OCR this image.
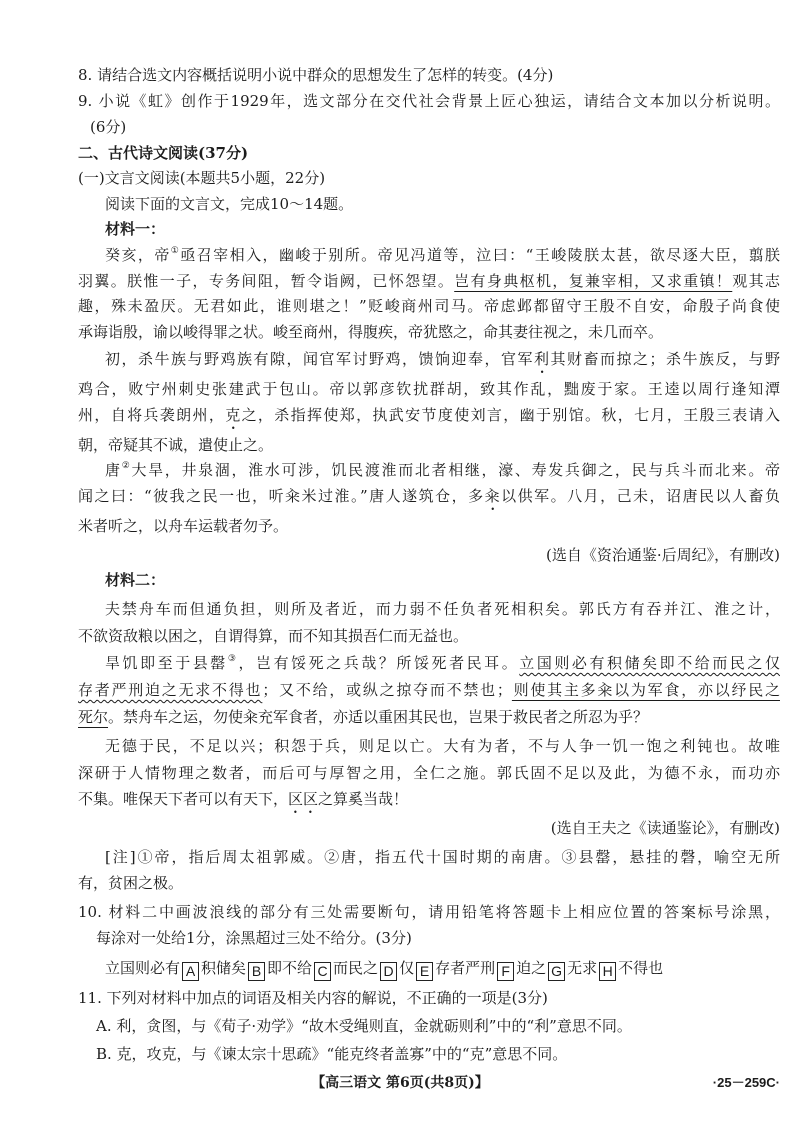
8. 请结合选文内容概括说明小说中群众的思想发生了怎样的转变。(4分)
9. 小说《虹》创作于1929年，选文部分在交代社会背景上匠心独运，请结合文本加以分析说明。
(6分)
二、古代诗文阅读(37分)
(一)文言文阅读(本题共5小题，22分)
阅读下面的文言文，完成10～14题。
材料一：
癸亥，帝①亟召宰相入，幽峻于别所。帝见冯道等，泣曰：“王峻陵朕太甚，欲尽逐大臣，翦朕
羽翼。朕惟一子，专务间阻，暂令诣阙，已怀怨望。岂有身典枢机，复兼宰相，又求重镇！观其志
趣，殊未盈厌。无君如此，谁则堪之！”贬峻商州司马。帝虑邺都留守王殷不自安，命殷子尚食使
承诲诣殷，谕以峻得罪之状。峻至商州，得腹疾，帝犹愍之，命其妻往视之，未几而卒。
初，杀牛族与野鸡族有隙，闻官军讨野鸡，馈饷迎奉，官军利其财畜而掠之；杀牛族反，与野
鸡合，败宁州刺史张建武于包山。帝以郭彦钦扰群胡，致其作乱，黜废于家。王逵以周行逢知潭
州，自将兵袭朗州，克之，杀指挥使郑，执武安节度使刘言，幽于别馆。秋，七月，王殷三表请入
朝，帝疑其不诚，遣使止之。
唐②大旱，井泉涸，淮水可涉，饥民渡淮而北者相继，濠、寿发兵御之，民与兵斗而北来。帝
闻之曰：“彼我之民一也，听籴米过淮。”唐人遂筑仓，多籴以供军。八月，己未，诏唐民以人畜负
米者听之，以舟车运载者勿予。
(选自《资治通鉴·后周纪》，有删改)
材料二：
夫禁舟车而但通负担，则所及者近，而力弱不任负者死相积矣。郭氏方有吞并江、淮之计，
不欲资敌粮以困之，自谓得算，而不知其损吾仁而无益也。
旱饥即至于县罄③，岂有馁死之兵哉？所馁死者民耳。立国则必有积储矣即不给而民之仅
存者严刑迫之无求不得也；又不给，或纵之掠夺而不禁也；则使其主多籴以为军食，亦以纾民之
死尔。禁舟车之运，勿使籴充军食者，亦适以重困其民也，岂果于救民者之所忍为乎？
无德于民，不足以兴；积怨于兵，则足以亡。大有为者，不与人争一饥一饱之利钝也。故唯
深研于人情物理之数者，而后可与厚智之用，全仁之施。郭氏固不足以及此，为德不永，而功亦
不集。唯保天下者可以有天下，区区之算奚当哉！
(选自王夫之《读通鉴论》，有删改)
[注]①帝，指后周太祖郭威。②唐，指五代十国时期的南唐。③县罄，悬挂的磬，喻空无所
有，贫困之极。
10. 材料二中画波浪线的部分有三处需要断句，请用铅笔将答题卡上相应位置的答案标号涂黑，
每涂对一处给1分，涂黑超过三处不给分。(3分)
立国则必有 A 积储矣 B 即不给 C 而民之 D 仅 E 存者严刑 F 迫之 G 无求 H 不得也
11. 下列对材料中加点的词语及相关内容的解说，不正确的一项是(3分)
A. 利，贪图，与《荀子·劝学》“故木受绳则直，金就砺则利”中的“利”意思不同。
B. 克，攻克，与《谏太宗十思疏》“能克终者盖寡”中的“克”意思不同。
【高三语文 第6页(共8页)】	·25－259C·
